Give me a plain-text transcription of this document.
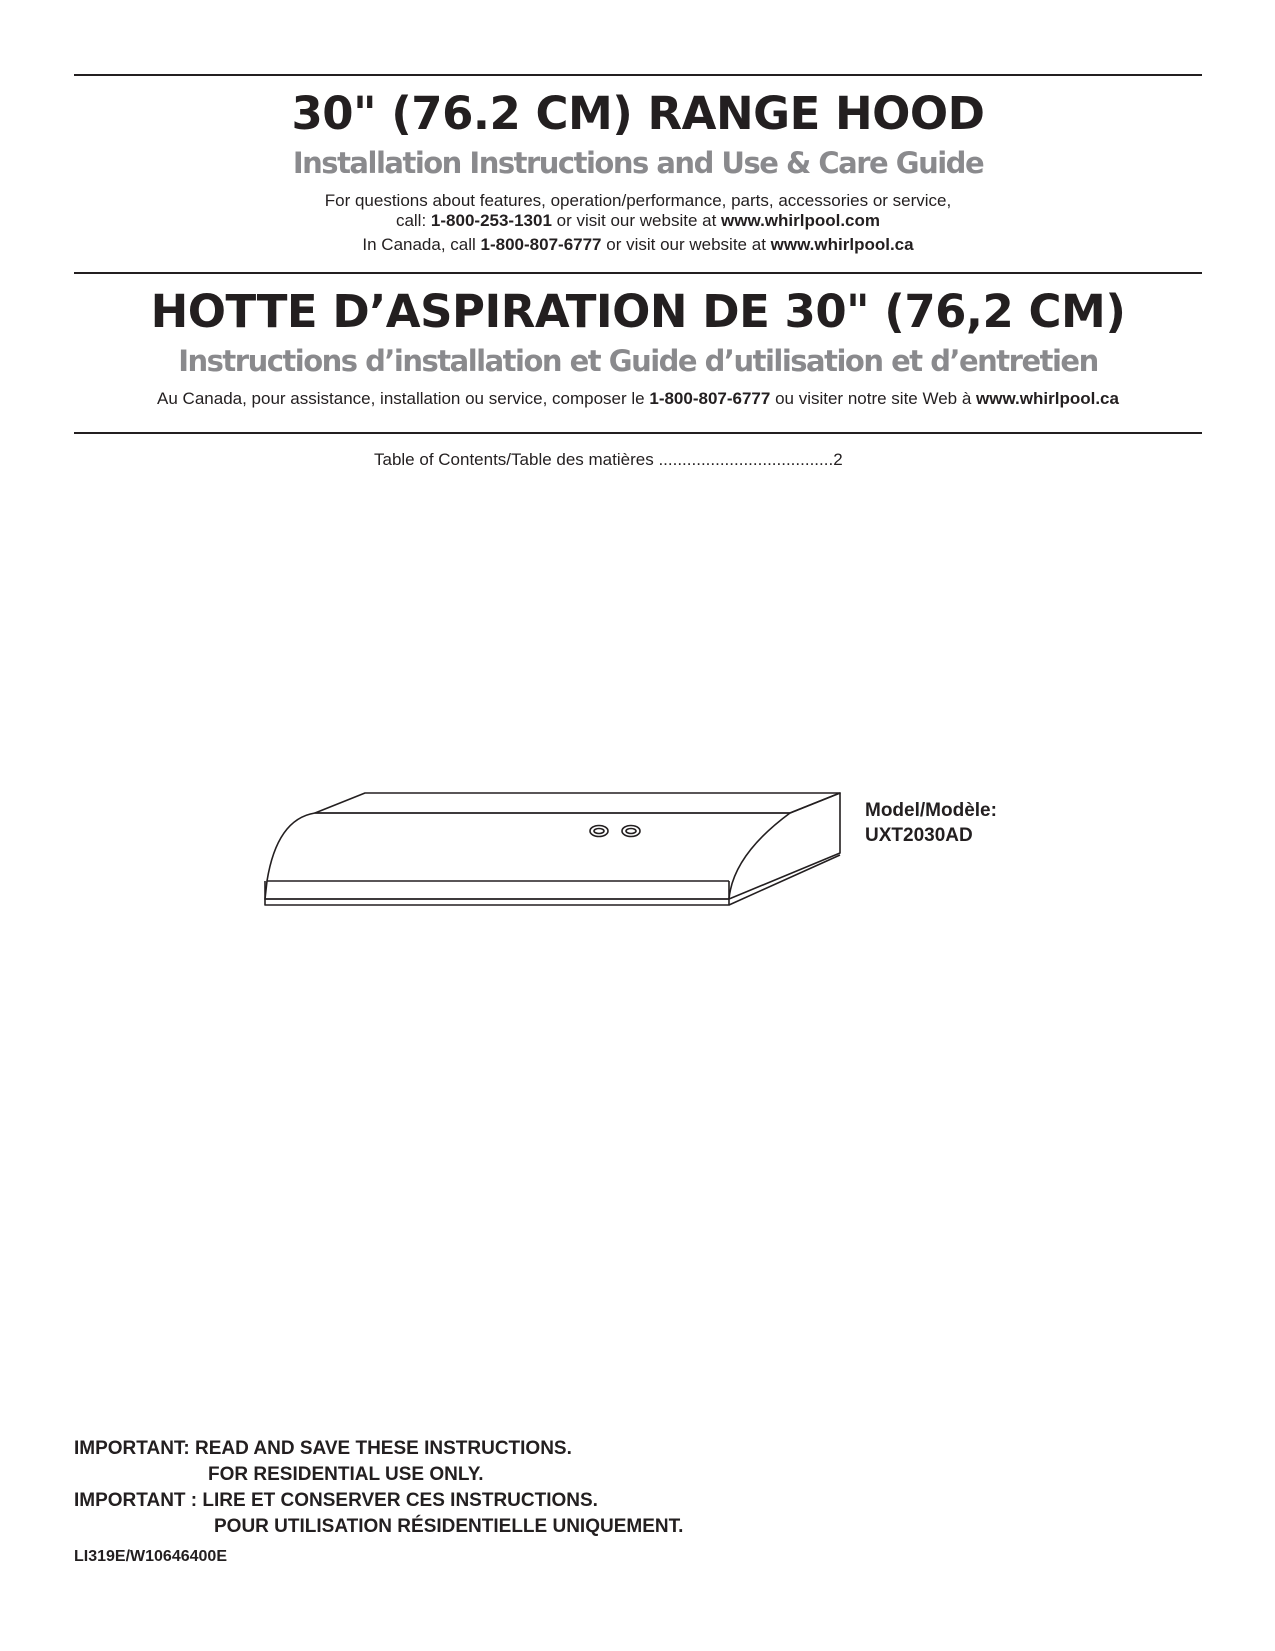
30" (76.2 CM) RANGE HOOD
Installation Instructions and Use & Care Guide
For questions about features, operation/performance, parts, accessories or service,
call: 1-800-253-1301 or visit our website at www.whirlpool.com
In Canada, call 1-800-807-6777 or visit our website at www.whirlpool.ca
HOTTE D’ASPIRATION DE 30" (76,2 CM)
Instructions d’installation et Guide d’utilisation et d’entretien
Au Canada, pour assistance, installation ou service, composer le 1-800-807-6777 ou visiter notre site Web à www.whirlpool.ca
Table of Contents/Table des matières .....................................2
Model/Modèle:
UXT2030AD
IMPORTANT: READ AND SAVE THESE INSTRUCTIONS.
FOR RESIDENTIAL USE ONLY.
IMPORTANT : LIRE ET CONSERVER CES INSTRUCTIONS.
POUR UTILISATION RÉSIDENTIELLE UNIQUEMENT.
LI319E/W10646400E
